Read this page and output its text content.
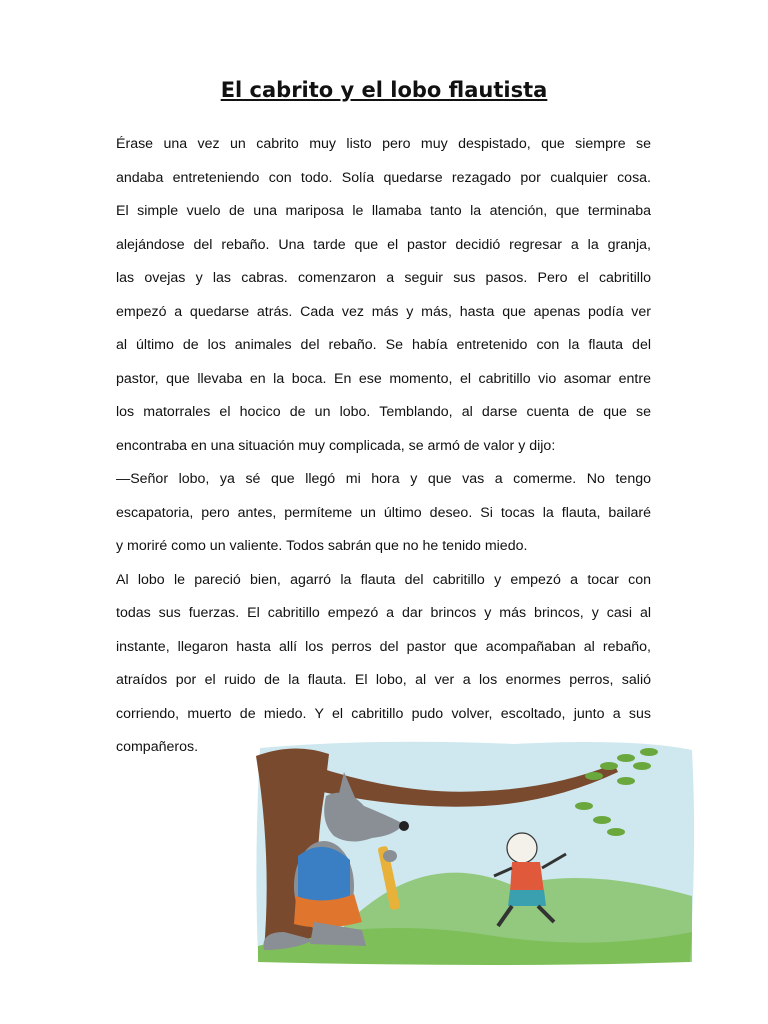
El cabrito y el lobo flautista

Érase una vez un cabrito muy listo pero muy despistado, que siempre se

andaba entreteniendo con todo. Solía quedarse rezagado por cualquier cosa.

El simple vuelo de una mariposa le llamaba tanto la atención, que terminaba

alejándose del rebaño. Una tarde que el pastor decidió regresar a la granja,

las ovejas y las cabras. comenzaron a seguir sus pasos. Pero el cabritillo

empezó a quedarse atrás. Cada vez más y más, hasta que apenas podía ver

al último de los animales del rebaño. Se había entretenido con la flauta del

pastor, que llevaba en la boca. En ese momento, el cabritillo vio asomar entre

los matorrales el hocico de un lobo. Temblando, al darse cuenta de que se

encontraba en una situación muy complicada, se armó de valor y dijo:

—Señor lobo, ya sé que llegó mi hora y que vas a comerme. No tengo

escapatoria, pero antes, permíteme un último deseo. Si tocas la flauta, bailaré

y moriré como un valiente. Todos sabrán que no he tenido miedo.

Al lobo le pareció bien, agarró la flauta del cabritillo y empezó a tocar con

todas sus fuerzas. El cabritillo empezó a dar brincos y más brincos, y casi al

instante, llegaron hasta allí los perros del pastor que acompañaban al rebaño,

atraídos por el ruido de la flauta. El lobo, al ver a los enormes perros, salió

corriendo, muerto de miedo. Y el cabritillo pudo volver, escoltado, junto a sus

compañeros.
